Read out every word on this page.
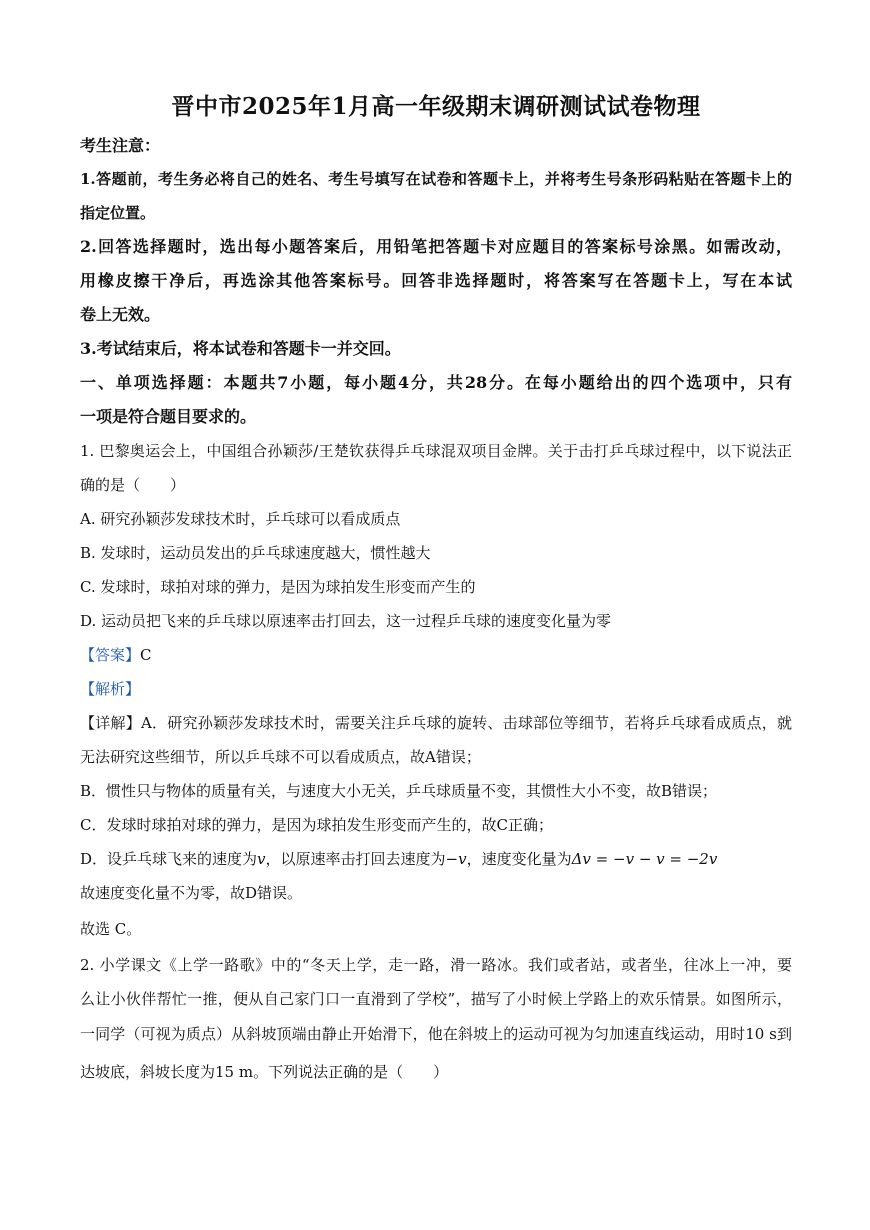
晋中市2025年1月高一年级期末调研测试试卷物理
考生注意：
1.答题前，考生务必将自己的姓名、考生号填写在试卷和答题卡上，并将考生号条形码粘贴在答题卡上的
指定位置。
2.回答选择题时，选出每小题答案后，用铅笔把答题卡对应题目的答案标号涂黑。如需改动，
用橡皮擦干净后，再选涂其他答案标号。回答非选择题时，将答案写在答题卡上，写在本试
卷上无效。
3.考试结束后，将本试卷和答题卡一并交回。
一、单项选择题：本题共7小题，每小题4分，共28分。在每小题给出的四个选项中，只有
一项是符合题目要求的。
1. 巴黎奥运会上，中国组合孙颖莎/王楚钦获得乒乓球混双项目金牌。关于击打乒乓球过程中，以下说法正
确的是（　　）
A. 研究孙颖莎发球技术时，乒乓球可以看成质点
B. 发球时，运动员发出的乒乓球速度越大，惯性越大
C. 发球时，球拍对球的弹力，是因为球拍发生形变而产生的
D. 运动员把飞来的乒乓球以原速率击打回去，这一过程乒乓球的速度变化量为零
【答案】C
【解析】
【详解】A．研究孙颖莎发球技术时，需要关注乒乓球的旋转、击球部位等细节，若将乒乓球看成质点，就
无法研究这些细节，所以乒乓球不可以看成质点，故A错误；
B．惯性只与物体的质量有关，与速度大小无关，乒乓球质量不变，其惯性大小不变，故B错误；
C．发球时球拍对球的弹力，是因为球拍发生形变而产生的，故C正确；
D．设乒乓球飞来的速度为v，以原速率击打回去速度为−v，速度变化量为Δv = −v − v = −2v
故速度变化量不为零，故D错误。
故选 C。
2. 小学课文《上学一路歌》中的“冬天上学，走一路，滑一路冰。我们或者站，或者坐，往冰上一冲，要
么让小伙伴帮忙一推，便从自己家门口一直滑到了学校”，描写了小时候上学路上的欢乐情景。如图所示，
一同学（可视为质点）从斜坡顶端由静止开始滑下，他在斜坡上的运动可视为匀加速直线运动，用时10 s到
达坡底，斜坡长度为15 m。下列说法正确的是（　　）
